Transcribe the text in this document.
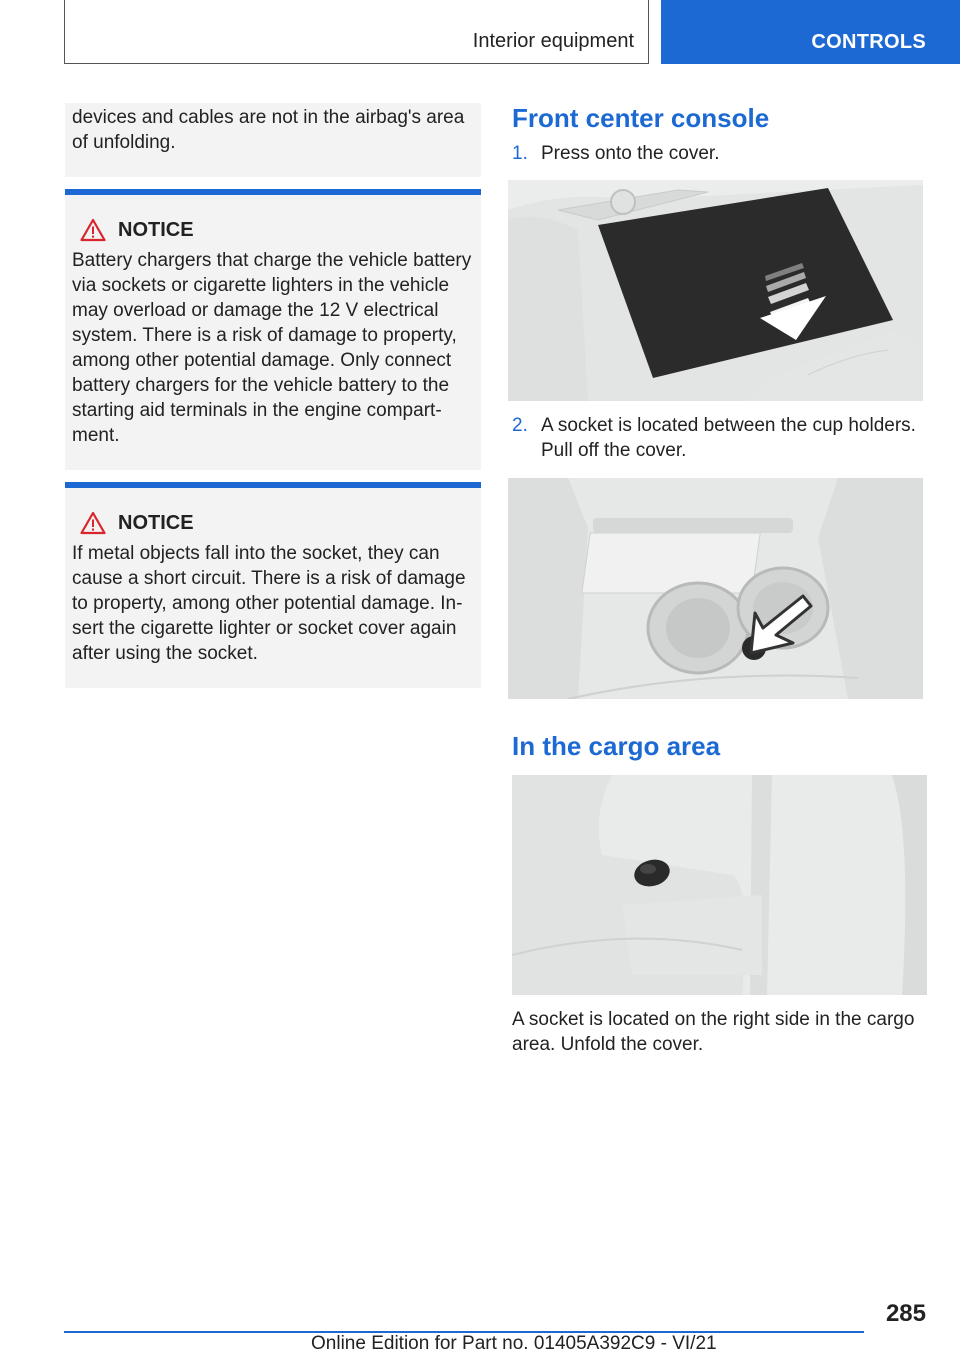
Interior equipment	CONTROLS
devices and cables are not in the airbag's area of unfolding.
NOTICE
Battery chargers that charge the vehicle battery via sockets or cigarette lighters in the vehicle may overload or damage the 12 V electrical system. There is a risk of damage to property, among other potential damage. Only connect battery chargers for the vehicle battery to the starting aid terminals in the engine compartment.
NOTICE
If metal objects fall into the socket, they can cause a short circuit. There is a risk of damage to property, among other potential damage. Insert the cigarette lighter or socket cover again after using the socket.
Front center console
1. Press onto the cover.
2. A socket is located between the cup holders. Pull off the cover.
In the cargo area
A socket is located on the right side in the cargo area. Unfold the cover.
285
Online Edition for Part no. 01405A392C9 - VI/21
